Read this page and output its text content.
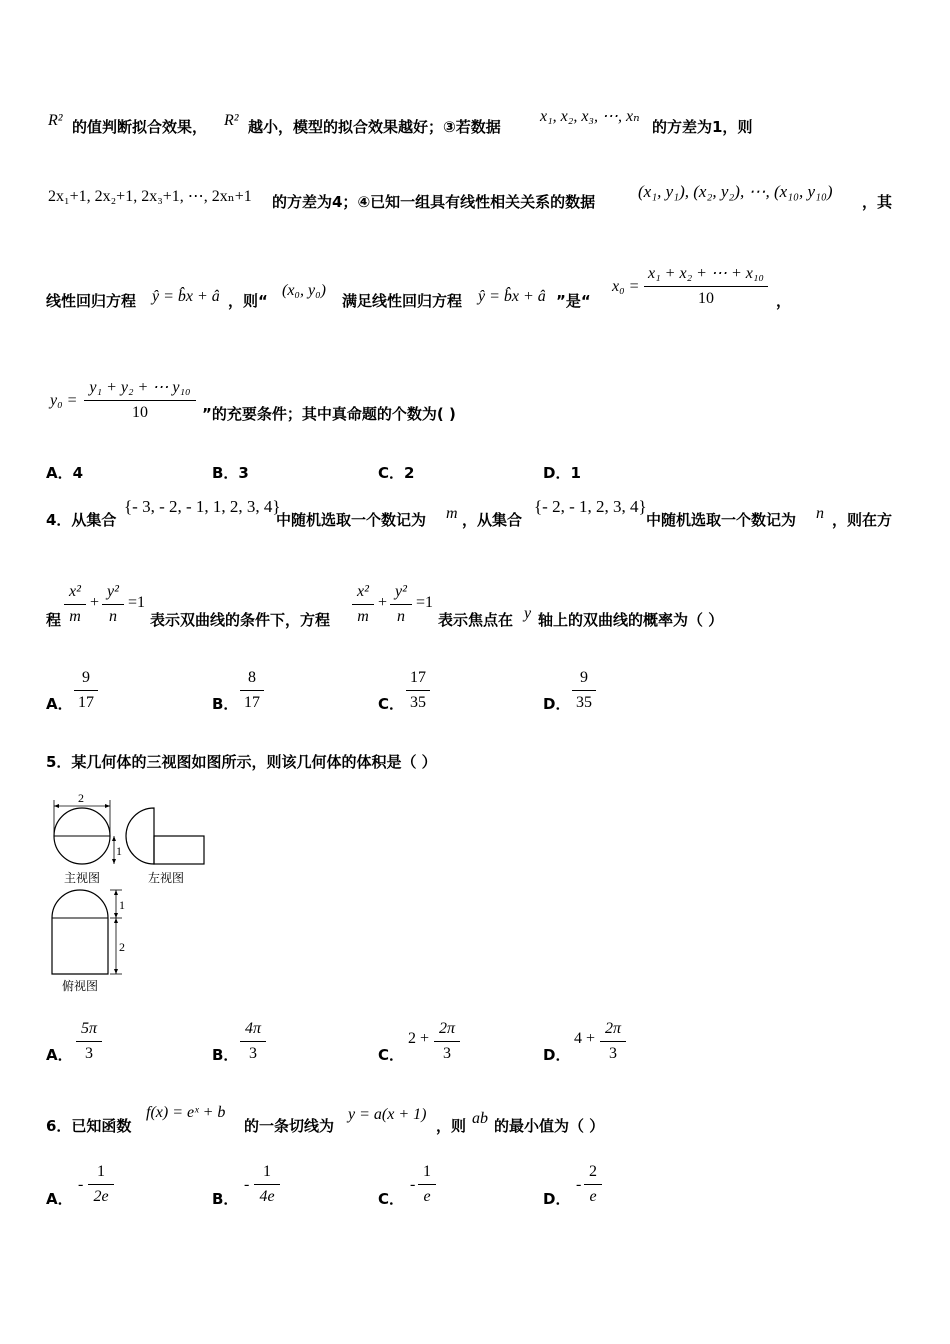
R² 的值判断拟合效果， R² 越小，模型的拟合效果越好；③若数据
x₁, x₂, x₃, ⋯, xₙ
的方差为1，则
2x₁+1, 2x₂+1, 2x₃+1, ⋯, 2xₙ+1 的方差为4；④已知一组具有线性相关关系的数据
(x₁, y₁), (x₂, y₂), ⋯, (x₁₀, y₁₀)
，其
线性回归方程 ŷ = b̂x + â ，则“
(x₀, y₀)
满足线性回归方程 ŷ = b̂x + â ”是“
x₀ =
x₁ + x₂ + ⋯ + x₁₀
10	，
y₀ =
y₁ + y₂ + ⋯ y₁₀
10	”的充要条件；其中真命题的个数为( )
A．4	B．3	C．2	D．1
4．从集合
{- 3, - 2, - 1, 1, 2, 3, 4}
中随机选取一个数记为 m ，从集合
{- 2, - 1, 2, 3, 4}
中随机选取一个数记为 n ，则在方
程
x²
m
+
y²
n
=1
表示双曲线的条件下，方程
x²
m
+
y²
n
=1
表示焦点在 y 轴上的双曲线的概率为（ ）
A．
9
17	B．
8
17	C．
17
35	D．
9
35
5．某几何体的三视图如图所示，则该几何体的体积是（ ）
2
1
主视图	左视图
1
2
俯视图
A．
5π
3	B．
4π
3	C．
2 +
2π
3	D．
4 +
2π
3
6．已知函数
f(x) = eˣ + b
的一条切线为
y = a(x + 1)
，则 ab 的最小值为（ ）
A．
-
1
2e	B．
-
1
4e	C．
-
1
e	D．
-
2
e
